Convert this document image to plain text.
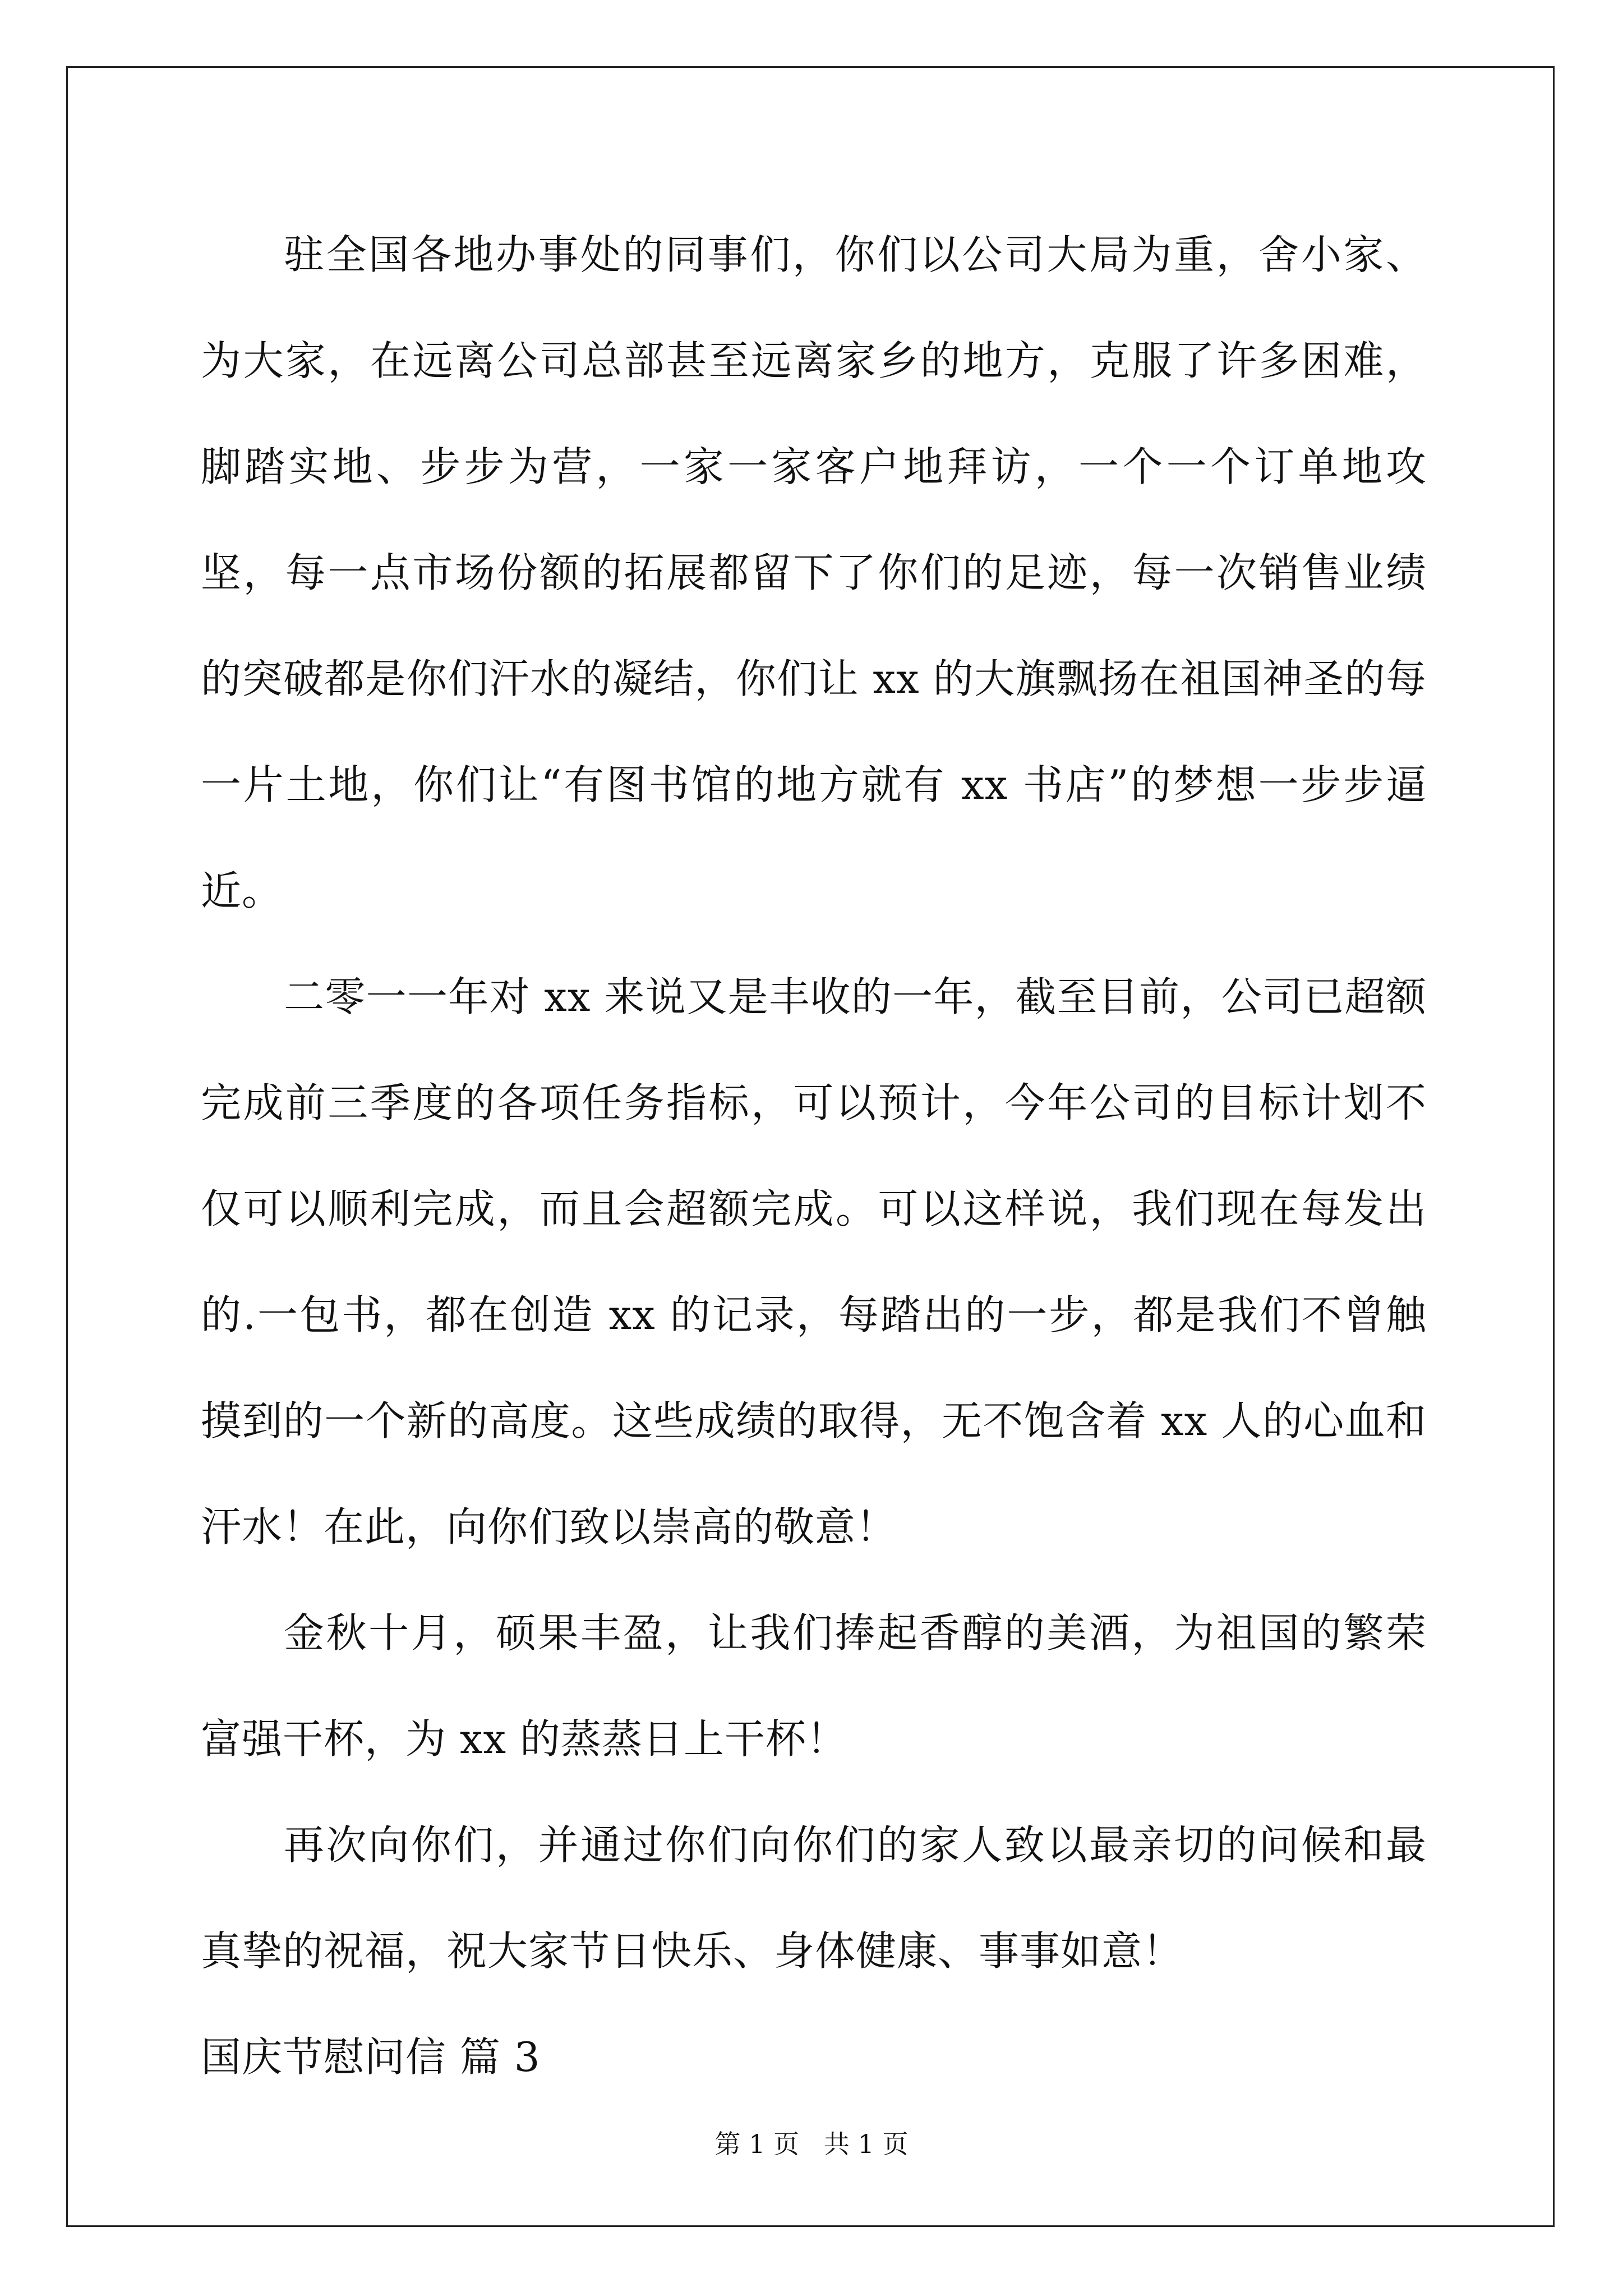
驻全国各地办事处的同事们，你们以公司大局为重，舍小家、为大家，在远离公司总部甚至远离家乡的地方，克服了许多困难，脚踏实地、步步为营，一家一家客户地拜访，一个一个订单地攻坚，每一点市场份额的拓展都留下了你们的足迹，每一次销售业绩的突破都是你们汗水的凝结，你们让 xx 的大旗飘扬在祖国神圣的每一片土地，你们让“有图书馆的地方就有 xx 书店”的梦想一步步逼近。

二零一一年对 xx 来说又是丰收的一年，截至目前，公司已超额完成前三季度的各项任务指标，可以预计，今年公司的目标计划不仅可以顺利完成，而且会超额完成。可以这样说，我们现在每发出的.一包书，都在创造 xx 的记录，每踏出的一步，都是我们不曾触摸到的一个新的高度。这些成绩的取得，无不饱含着 xx 人的心血和汗水！在此，向你们致以崇高的敬意！

金秋十月，硕果丰盈，让我们捧起香醇的美酒，为祖国的繁荣富强干杯，为 xx 的蒸蒸日上干杯！

再次向你们，并通过你们向你们的家人致以最亲切的问候和最真挚的祝福，祝大家节日快乐、身体健康、事事如意！

国庆节慰问信 篇 3

第 1 页 共 1 页
